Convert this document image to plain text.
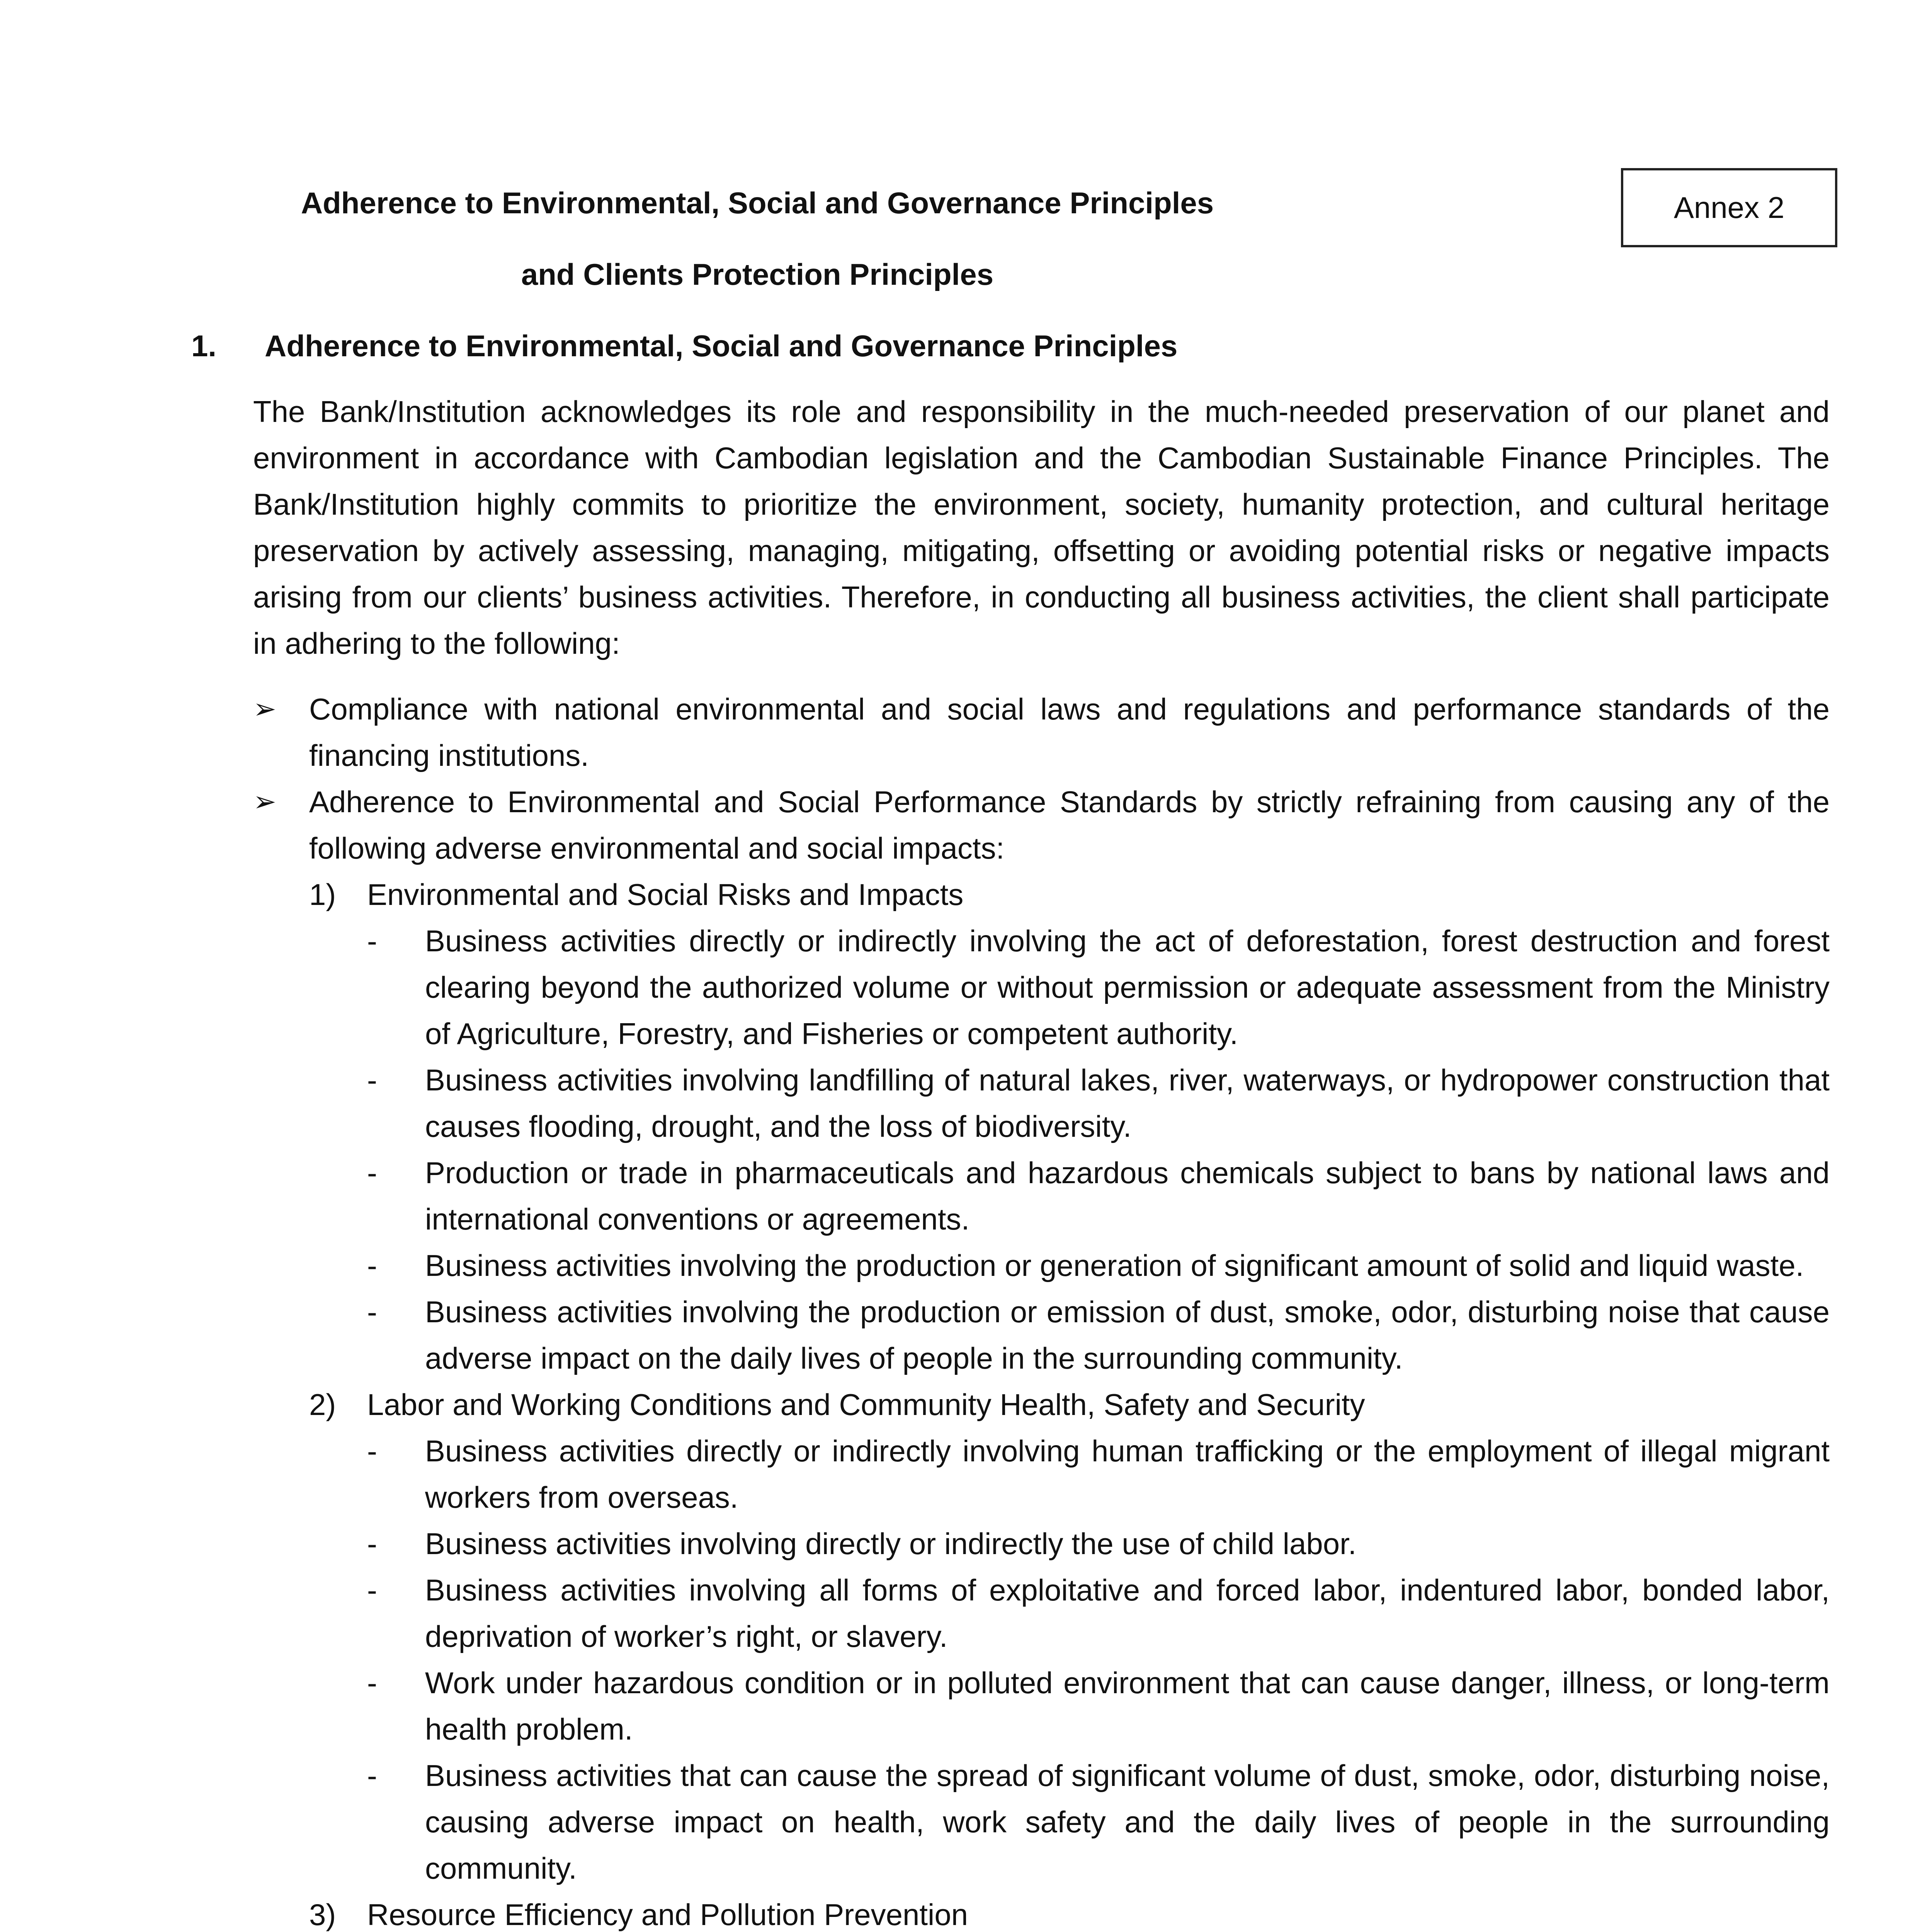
Annex 2
Adherence to Environmental, Social and Governance Principles
and Clients Protection Principles
1. Adherence to Environmental, Social and Governance Principles
The Bank/Institution acknowledges its role and responsibility in the much-needed preservation of our planet and environment in accordance with Cambodian legislation and the Cambodian Sustainable Finance Principles. The Bank/Institution highly commits to prioritize the environment, society, humanity protection, and cultural heritage preservation by actively assessing, managing, mitigating, offsetting or avoiding potential risks or negative impacts arising from our clients’ business activities. Therefore, in conducting all business activities, the client shall participate in adhering to the following:
➢ Compliance with national environmental and social laws and regulations and performance standards of the financing institutions.
➢ Adherence to Environmental and Social Performance Standards by strictly refraining from causing any of the following adverse environmental and social impacts:
1) Environmental and Social Risks and Impacts
- Business activities directly or indirectly involving the act of deforestation, forest destruction and forest clearing beyond the authorized volume or without permission or adequate assessment from the Ministry of Agriculture, Forestry, and Fisheries or competent authority.
- Business activities involving landfilling of natural lakes, river, waterways, or hydropower construction that causes flooding, drought, and the loss of biodiversity.
- Production or trade in pharmaceuticals and hazardous chemicals subject to bans by national laws and international conventions or agreements.
- Business activities involving the production or generation of significant amount of solid and liquid waste.
- Business activities involving the production or emission of dust, smoke, odor, disturbing noise that cause adverse impact on the daily lives of people in the surrounding community.
2) Labor and Working Conditions and Community Health, Safety and Security
- Business activities directly or indirectly involving human trafficking or the employment of illegal migrant workers from overseas.
- Business activities involving directly or indirectly the use of child labor.
- Business activities involving all forms of exploitative and forced labor, indentured labor, bonded labor, deprivation of worker’s right, or slavery.
- Work under hazardous condition or in polluted environment that can cause danger, illness, or long-term health problem.
- Business activities that can cause the spread of significant volume of dust, smoke, odor, disturbing noise, causing adverse impact on health, work safety and the daily lives of people in the surrounding community.
3) Resource Efficiency and Pollution Prevention
